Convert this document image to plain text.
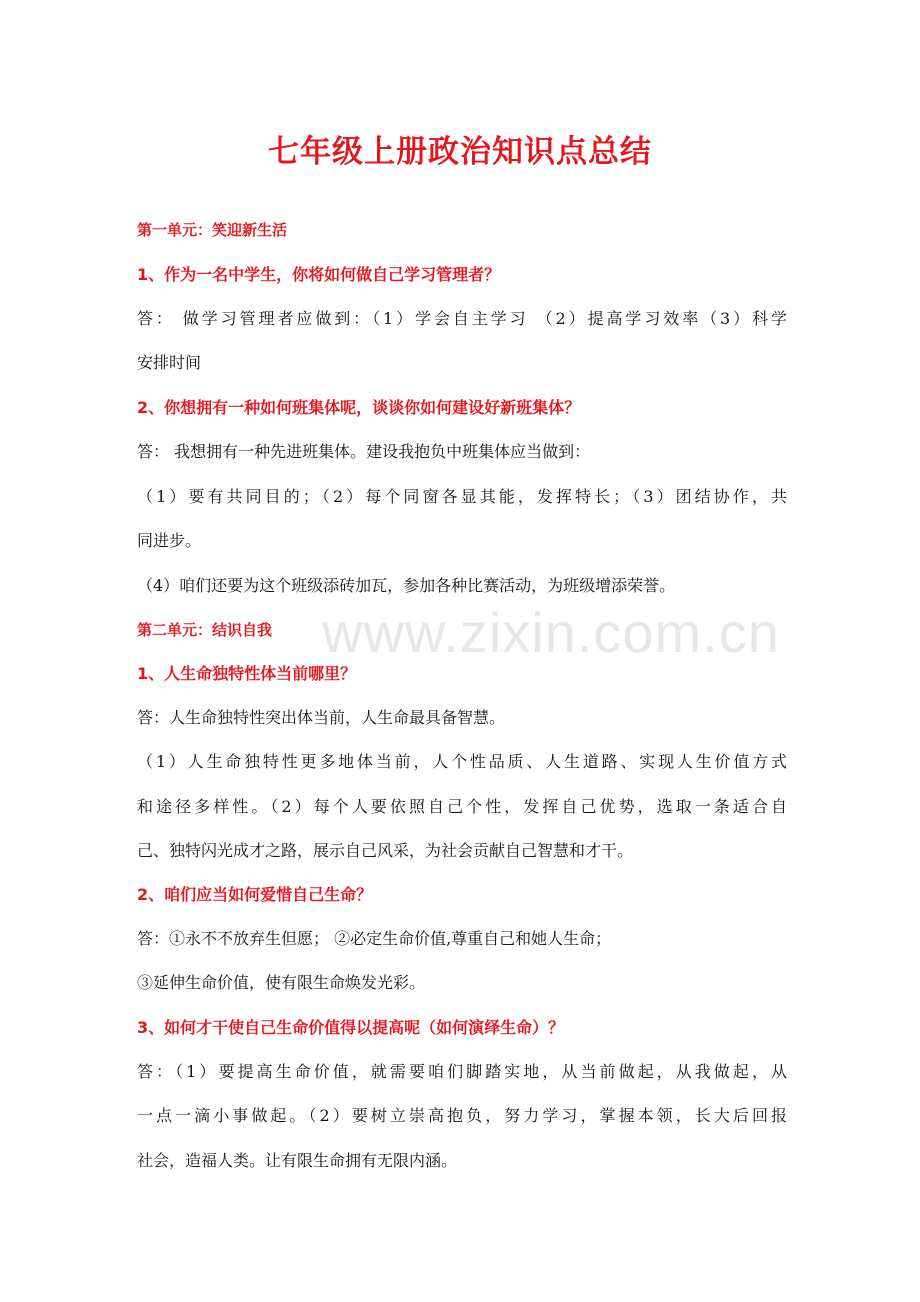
七年级上册政治知识点总结
第一单元：笑迎新生活
1、作为一名中学生，你将如何做自己学习管理者？
答： 做学习管理者应做到：（1）学会自主学习 （2）提高学习效率（3）科学
安排时间
2、你想拥有一种如何班集体呢，谈谈你如何建设好新班集体？
答： 我想拥有一种先进班集体。建设我抱负中班集体应当做到：
（1）要有共同目的；（2）每个同窗各显其能，发挥特长；（3）团结协作，共
同进步。
（4）咱们还要为这个班级添砖加瓦，参加各种比赛活动，为班级增添荣誉。
第二单元：结识自我
1、人生命独特性体当前哪里？
答：人生命独特性突出体当前，人生命最具备智慧。
（1）人生命独特性更多地体当前，人个性品质、人生道路、实现人生价值方式
和途径多样性。（2）每个人要依照自己个性，发挥自己优势，选取一条适合自
己、独特闪光成才之路，展示自己风采，为社会贡献自己智慧和才干。
2、咱们应当如何爱惜自己生命？
答：①永不不放弃生但愿； ②必定生命价值,尊重自己和她人生命；
③延伸生命价值，使有限生命焕发光彩。
3、如何才干使自己生命价值得以提高呢（如何演绎生命）？
答：（1）要提高生命价值，就需要咱们脚踏实地，从当前做起，从我做起，从
一点一滴小事做起。（2）要树立崇高抱负，努力学习，掌握本领，长大后回报
社会，造福人类。让有限生命拥有无限内涵。
www.zixin.com.cn
